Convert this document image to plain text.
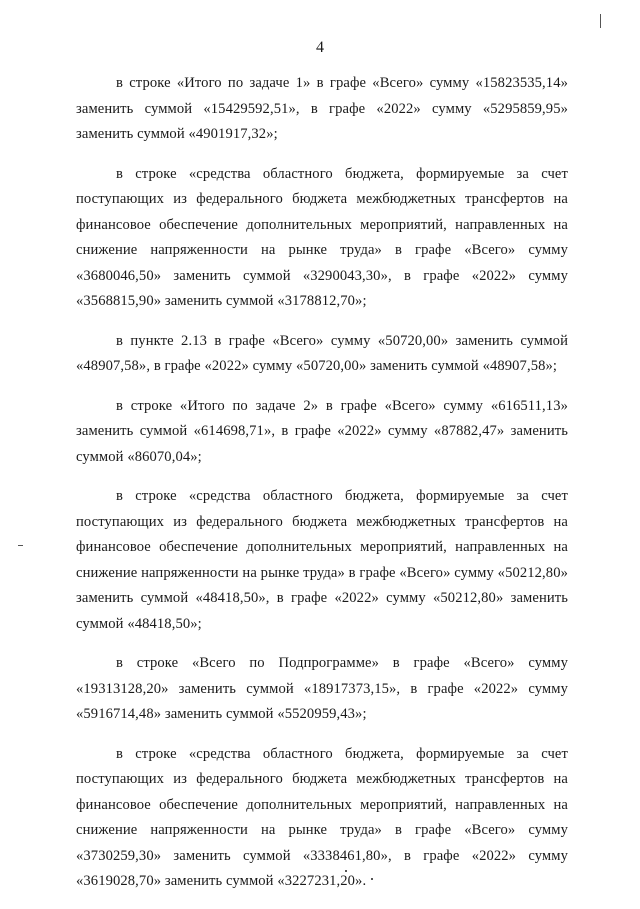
4

в строке «Итого по задаче 1» в графе «Всего» сумму «15823535,14» заменить суммой «15429592,51», в графе «2022» сумму «5295859,95» заменить суммой «4901917,32»;

в строке «средства областного бюджета, формируемые за счет поступающих из федерального бюджета межбюджетных трансфертов на финансовое обеспечение дополнительных мероприятий, направленных на снижение напряженности на рынке труда» в графе «Всего» сумму «3680046,50» заменить суммой «3290043,30», в графе «2022» сумму «3568815,90» заменить суммой «3178812,70»;

в пункте 2.13 в графе «Всего» сумму «50720,00» заменить суммой «48907,58», в графе «2022» сумму «50720,00» заменить суммой «48907,58»;

в строке «Итого по задаче 2» в графе «Всего» сумму «616511,13» заменить суммой «614698,71», в графе «2022» сумму «87882,47» заменить суммой «86070,04»;

в строке «средства областного бюджета, формируемые за счет поступающих из федерального бюджета межбюджетных трансфертов на финансовое обеспечение дополнительных мероприятий, направленных на снижение напряженности на рынке труда» в графе «Всего» сумму «50212,80» заменить суммой «48418,50», в графе «2022» сумму «50212,80» заменить суммой «48418,50»;

в строке «Всего по Подпрограмме» в графе «Всего» сумму «19313128,20» заменить суммой «18917373,15», в графе «2022» сумму «5916714,48» заменить суммой «5520959,43»;

в строке «средства областного бюджета, формируемые за счет поступающих из федерального бюджета межбюджетных трансфертов на финансовое обеспечение дополнительных мероприятий, направленных на снижение напряженности на рынке труда» в графе «Всего» сумму «3730259,30» заменить суммой «3338461,80», в графе «2022» сумму «3619028,70» заменить суммой «3227231,20».
